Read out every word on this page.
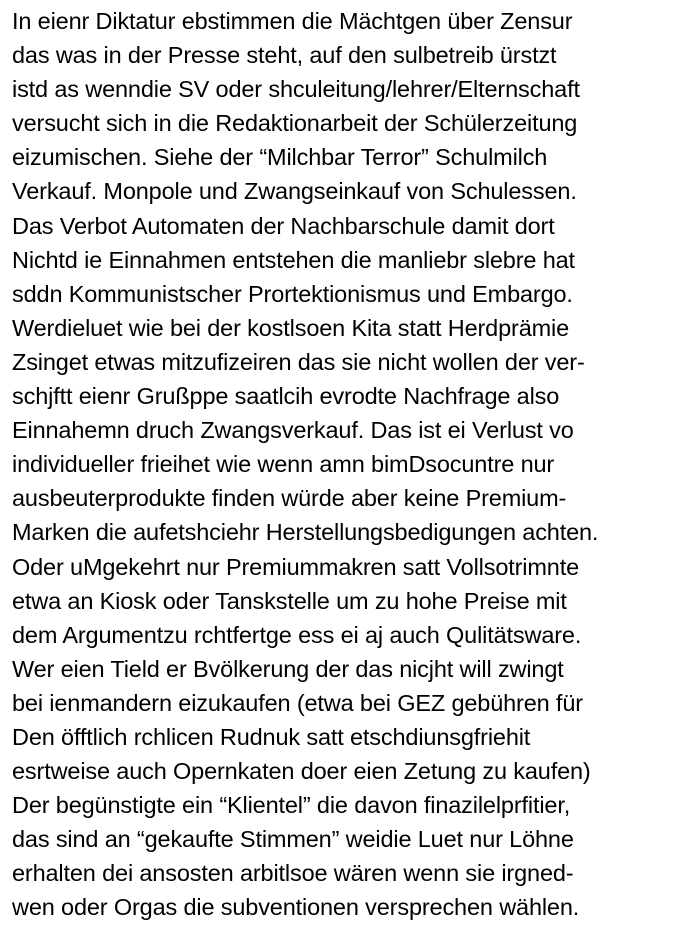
In eienr Diktatur ebstimmen die Mächtgen über Zensur
das was in der Presse steht, auf den sulbetreib ürstzt
istd as wenndie SV oder shculeitung/lehrer/Elternschaft
versucht sich in die Redaktionarbeit der Schülerzeitung
eizumischen. Siehe der “Milchbar Terror” Schulmilch
Verkauf. Monpole und Zwangseinkauf von Schulessen.
Das Verbot Automaten der Nachbarschule damit dort
Nichtd ie Einnahmen entstehen die manliebr slebre hat
sddn Kommunistscher Prortektionismus und Embargo.
Werdieluet wie bei der kostlsoen Kita statt Herdprämie
Zsinget etwas mitzufizeiren das sie nicht wollen der ver-
schjftt eienr Grußppe saatlcih evrodte Nachfrage also
Einnahemn druch Zwangsverkauf. Das ist ei Verlust vo
individueller frieihet wie wenn amn bimDsocuntre nur
ausbeuterprodukte finden würde aber keine Premium-
Marken die aufetshciehr Herstellungsbedigungen achten.
Oder uMgekehrt nur Premiummakren satt Vollsotrimnte
etwa an Kiosk oder Tanskstelle um zu hohe Preise mit
dem Argumentzu rchtfertge ess ei aj auch Qulitätsware.
Wer eien Tield er Bvölkerung der das nicjht will zwingt
bei ienmandern eizukaufen (etwa bei GEZ gebühren für
Den öfftlich rchlicen Rudnuk satt etschdiunsgfriehit
esrtweise auch Opernkaten doer eien Zetung zu kaufen)
Der begünstigte ein “Klientel” die davon finazilelprfitier,
das sind an “gekaufte Stimmen” weidie Luet nur Löhne
erhalten dei ansosten arbitlsoe wären wenn sie irgned-
wen oder Orgas die subventionen versprechen wählen.
